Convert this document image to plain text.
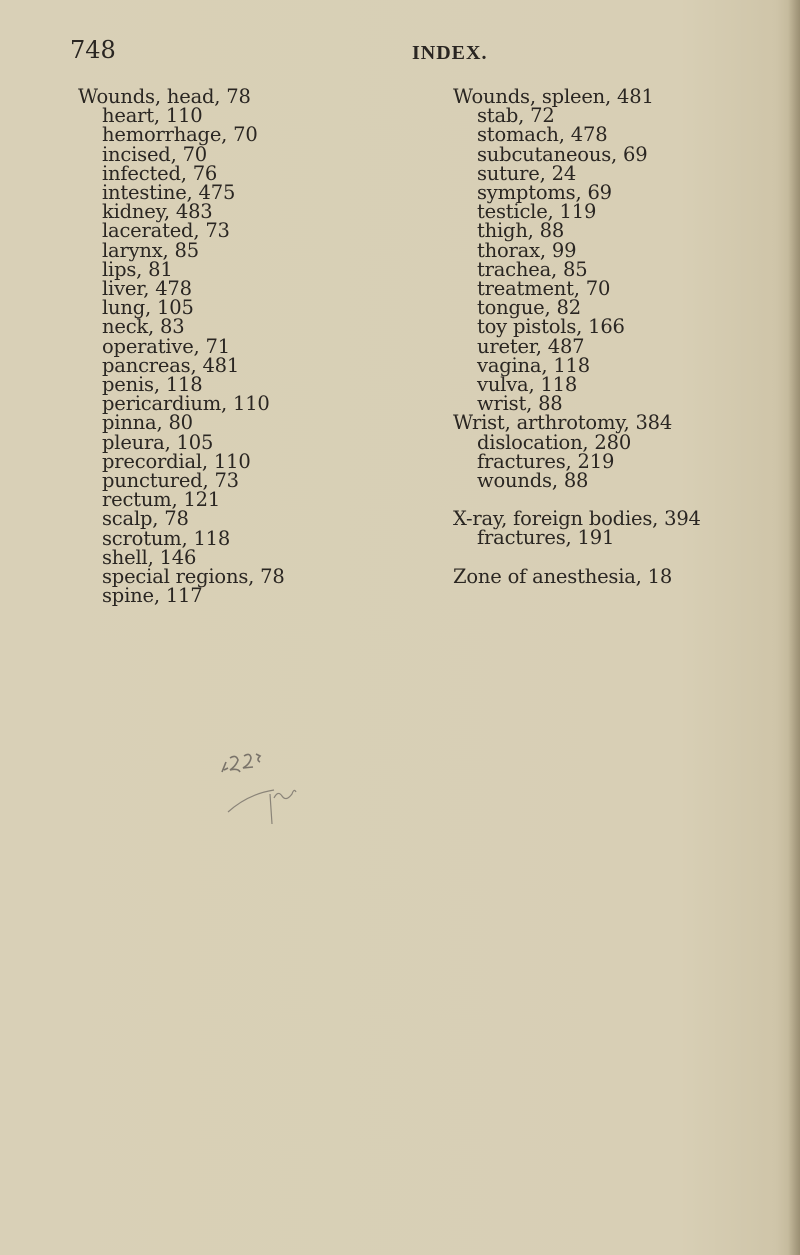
748	INDEX.
Wounds, head, 78
heart, 110
hemorrhage, 70
incised, 70
infected, 76
intestine, 475
kidney, 483
lacerated, 73
larynx, 85
lips, 81
liver, 478
lung, 105
neck, 83
operative, 71
pancreas, 481
penis, 118
pericardium, 110
pinna, 80
pleura, 105
precordial, 110
punctured, 73
rectum, 121
scalp, 78
scrotum, 118
shell, 146
special regions, 78
spine, 117
Wounds, spleen, 481
stab, 72
stomach, 478
subcutaneous, 69
suture, 24
symptoms, 69
testicle, 119
thigh, 88
thorax, 99
trachea, 85
treatment, 70
tongue, 82
toy pistols, 166
ureter, 487
vagina, 118
vulva, 118
wrist, 88
Wrist, arthrotomy, 384
dislocation, 280
fractures, 219
wounds, 88
X-ray, foreign bodies, 394
fractures, 191
Zone of anesthesia, 18
